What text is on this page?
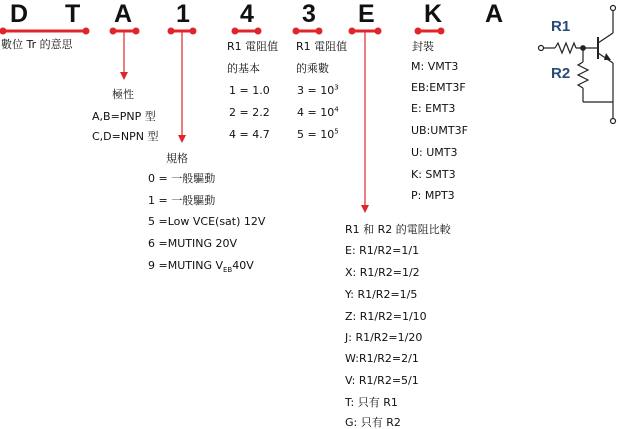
D T A 1 4 3 E K A
數位 Tr 的意思
極性
A,B=PNP 型
C,D=NPN 型
規格
0 = 一般驅動
1 = 一般驅動
5 =Low VCE(sat) 12V
6 =MUTING 20V
9 =MUTING $V_{EB}40V$
R1 電阻值
的基本
1 = 1.0
2 = 2.2
4 = 4.7
R1 電阻值
的乘數
$3 = 10^3$
$4 = 10^4$
$5 = 10^5$
封裝
M: VMT3
EB:EMT3F
E: EMT3
UB:UMT3F
U: UMT3
K: SMT3
P: MPT3
R1 和 R2 的電阻比較
E: R1/R2=1/1
X: R1/R2=1/2
Y: R1/R2=1/5
Z: R1/R2=1/10
J: R1/R2=1/20
W:R1/R2=2/1
V: R1/R2=5/1
T: 只有 R1
G: 只有 R2
R1
R2
